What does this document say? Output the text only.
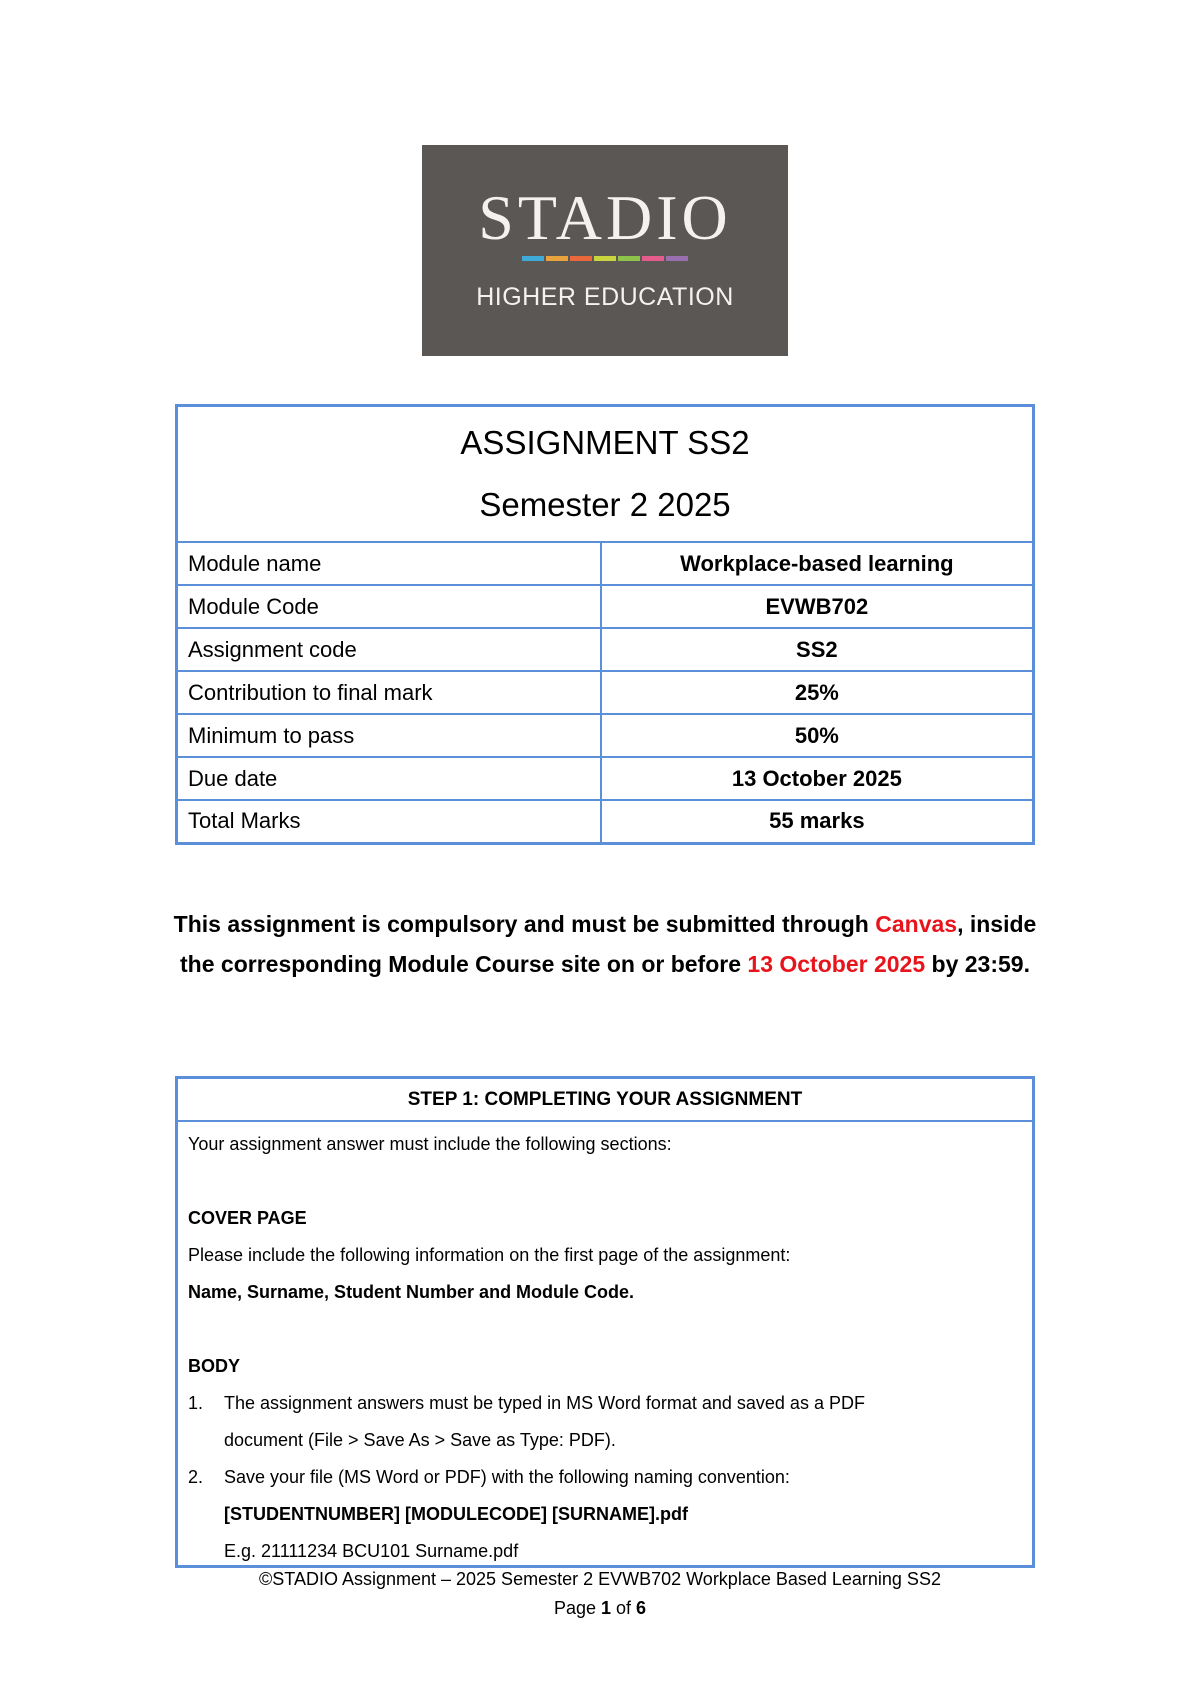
STADIO
HIGHER EDUCATION
ASSIGNMENT SS2
Semester 2 2025	

Module name	Workplace-based learning
Module Code	EVWB702
Assignment code	SS2
Contribution to final mark	25%
Minimum to pass	50%
Due date	13 October 2025
Total Marks	55 marks
This assignment is compulsory and must be submitted through Canvas, inside the corresponding Module Course site on or before 13 October 2025 by 23:59.
STEP 1: COMPLETING YOUR ASSIGNMENT
Your assignment answer must include the following sections:
COVER PAGE
Please include the following information on the first page of the assignment:
Name, Surname, Student Number and Module Code.
BODY
1.	The assignment answers must be typed in MS Word format and saved as a PDF
document (File > Save As > Save as Type: PDF).
2.	Save your file (MS Word or PDF) with the following naming convention:
[STUDENTNUMBER] [MODULECODE] [SURNAME].pdf
E.g. 21111234 BCU101 Surname.pdf
©STADIO Assignment – 2025 Semester 2 EVWB702 Workplace Based Learning SS2
Page 1 of 6
